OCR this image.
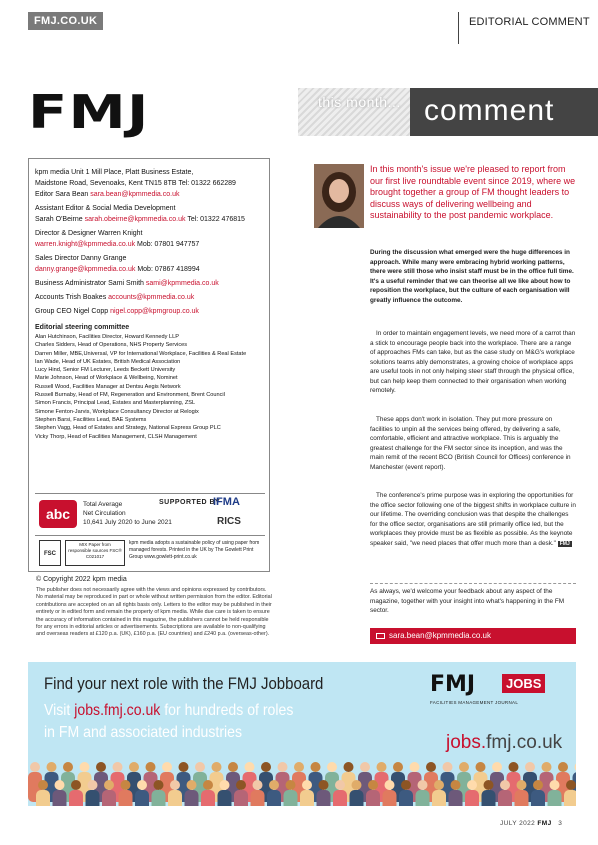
FMJ.CO.UK	EDITORIAL COMMENT
FMJ	this month... comment
kpm media Unit 1 Mill Place, Platt Business Estate,
Maidstone Road, Sevenoaks, Kent TN15 8TB Tel: 01322 662289
Editor Sara Bean sara.bean@kpmmedia.co.uk
Assistant Editor & Social Media Development
Sarah O'Beirne sarah.obeirne@kpmmedia.co.uk Tel: 01322 476815
Director & Designer Warren Knight
warren.knight@kpmmedia.co.uk Mob: 07801 947757
Sales Director Danny Grange
danny.grange@kpmmedia.co.uk Mob: 07867 418994
Business Administrator Sami Smith sami@kpmmedia.co.uk
Accounts Trish Boakes accounts@kpmmedia.co.uk
Group CEO Nigel Copp nigel.copp@kpmgroup.co.uk
Editorial steering committee
Alan Hutchinson, Facilities Director, Howard Kennedy LLP
Charles Sidders, Head of Operations, NHS Property Services
Darren Miller, MBE,Universal, VP for International Workplace, Facilities & Real Estate
Ian Wade, Head of UK Estates, British Medical Association
Lucy Hind, Senior FM Lecturer, Leeds Beckett University
Marie Johnson, Head of Workplace & Wellbeing, Nominet
Russell Wood, Facilities Manager at Dentsu Aegis Network
Russell Burnaby, Head of FM, Regeneration and Environment, Brent Council
Simon Francis, Principal Lead, Estates and Masterplanning, ZSL
Simone Fenton-Jarvis, Workplace Consultancy Director at Relogix
Stephen Barsi, Facilities Lead, BAE Systems
Stephen Vagg, Head of Estates and Strategy, National Express Group PLC
Vicky Thorp, Head of Facilities Management, CLSH Management
abc
Total Average
Net Circulation
10,641 July 2020 to June 2021
SUPPORTED BY
IFMA
RICS
FSC
MIX Paper from responsible sources FSC® C021017
kpm media adopts a sustainable policy of using paper from managed forests. Printed in the UK by The Gowlett Print Group www.gowlett-print.co.uk
© Copyright 2022 kpm media
The publisher does not necessarily agree with the views and opinions expressed by contributors. No material may be reproduced in part or whole without written permission from the editor. Editorial contributions are accepted on an all rights basis only. Letters to the editor may be published in their entirety or in edited form and remain the property of kpm media. While due care is taken to ensure the accuracy of information contained in this magazine, the publishers cannot be held responsible for any errors in editorial articles or advertisements. Subscriptions are available to non-qualifying and overseas readers at £120 p.a. (UK), £160 p.a. (EU countries) and £240 p.a. (overseas-other).
In this month's issue we're pleased to report from our first live roundtable event since 2019, where we brought together a group of FM thought leaders to discuss ways of delivering wellbeing and sustainability to the post pandemic workplace.
During the discussion what emerged were the huge differences in approach. While many were embracing hybrid working patterns, there were still those who insist staff must be in the office full time. It's a useful reminder that we can theorise all we like about how to reposition the workplace, but the culture of each organisation will greatly influence the outcome.
In order to maintain engagement levels, we need more of a carrot than a stick to encourage people back into the workplace. There are a range of approaches FMs can take, but as the case study on M&G's workplace solutions teams ably demonstrates, a growing choice of workplace apps are useful tools in not only helping steer staff through the physical office, but can help keep them connected to their organisation when working remotely.
These apps don't work in isolation. They put more pressure on facilities to unpin all the services being offered, by delivering a safe, comfortable, efficient and attractive workplace. This is arguably the greatest challenge for the FM sector since its inception, and was the main remit of the recent BCO (British Council for Offices) conference in Manchester (event report).
The conference's prime purpose was in exploring the opportunities for the office sector following one of the biggest shifts in workplace culture in our lifetime. The overriding conclusion was that despite the challenges for the office sector, organisations are still primarily office led, but the workplaces they provide must be as flexible as possible. As the keynote speaker said, "we need places that offer much more than a desk." FMJ
As always, we'd welcome your feedback about any aspect of the magazine, together with your insight into what's happening in the FM sector.
sara.bean@kpmmedia.co.uk
Find your next role with the FMJ Jobboard
Visit jobs.fmj.co.uk for hundreds of roles
in FM and associated industries
FMJ	JOBS
FACILITIES MANAGEMENT JOURNAL
jobs.fmj.co.uk
JULY 2022 FMJ 3
